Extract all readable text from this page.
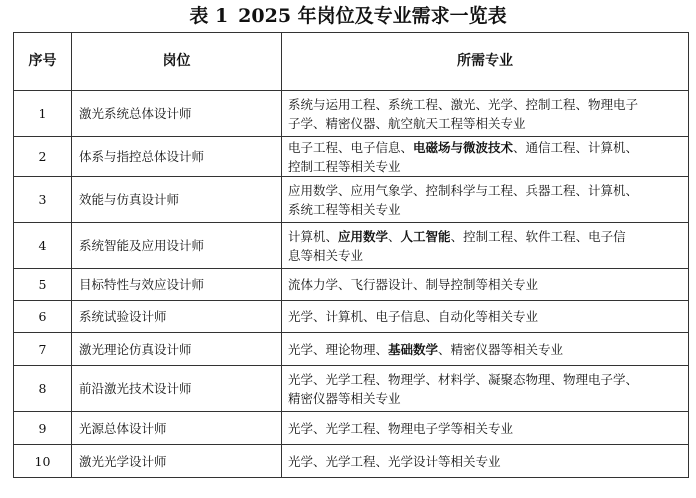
表 1 2025 年岗位及专业需求一览表
序号	岗位	所需专业
1	激光系统总体设计师	系统与运用工程、系统工程、激光、光学、控制工程、物理电子

子学、精密仪器、航空航天工程等相关专业

2	体系与指控总体设计师	电子工程、电子信息、电磁场与微波技术、通信工程、计算机、

控制工程等相关专业

3	效能与仿真设计师	应用数学、应用气象学、控制科学与工程、兵器工程、计算机、

系统工程等相关专业

4	系统智能及应用设计师	计算机、应用数学、人工智能、控制工程、软件工程、电子信

息等相关专业

5	目标特性与效应设计师	流体力学、飞行器设计、制导控制等相关专业

6	系统试验设计师	光学、计算机、电子信息、自动化等相关专业

7	激光理论仿真设计师	光学、理论物理、基础数学、精密仪器等相关专业

8	前沿激光技术设计师	光学、光学工程、物理学、材料学、凝聚态物理、物理电子学、

精密仪器等相关专业

9	光源总体设计师	光学、光学工程、物理电子学等相关专业

10	激光光学设计师	光学、光学工程、光学设计等相关专业
